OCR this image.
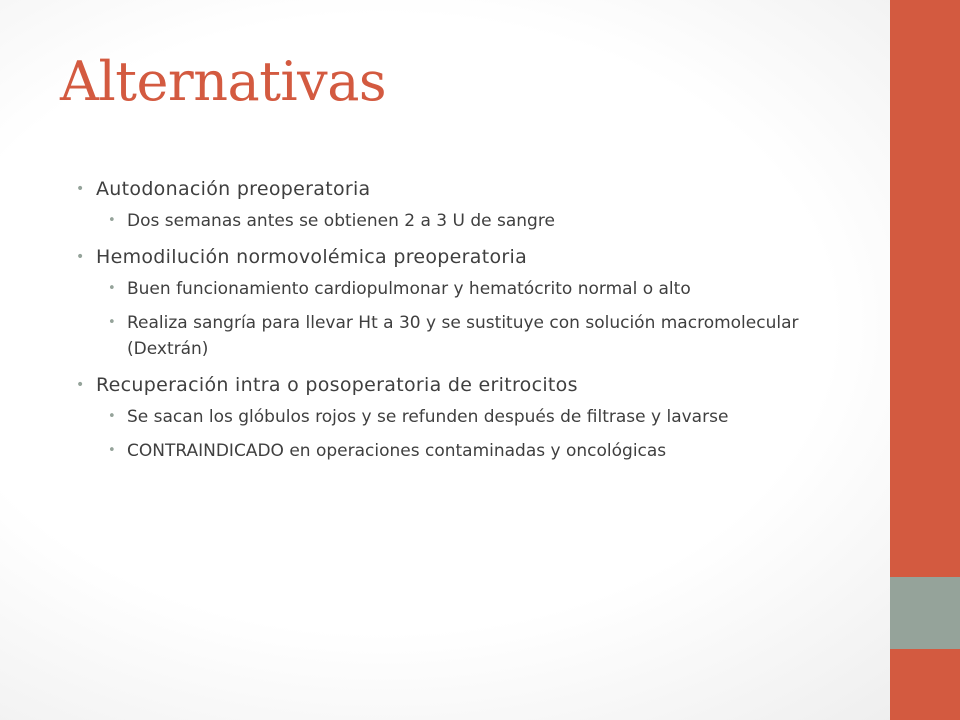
Alternativas
• Autodonación preoperatoria
• Dos semanas antes se obtienen 2 a 3 U de sangre
• Hemodilución normovolémica preoperatoria
• Buen funcionamiento cardiopulmonar y hematócrito normal o alto
• Realiza sangría para llevar Ht a 30 y se sustituye con solución macromolecular (Dextrán)
• Recuperación intra o posoperatoria de eritrocitos
• Se sacan los glóbulos rojos y se refunden después de filtrase y lavarse
• CONTRAINDICADO en operaciones contaminadas y oncológicas
